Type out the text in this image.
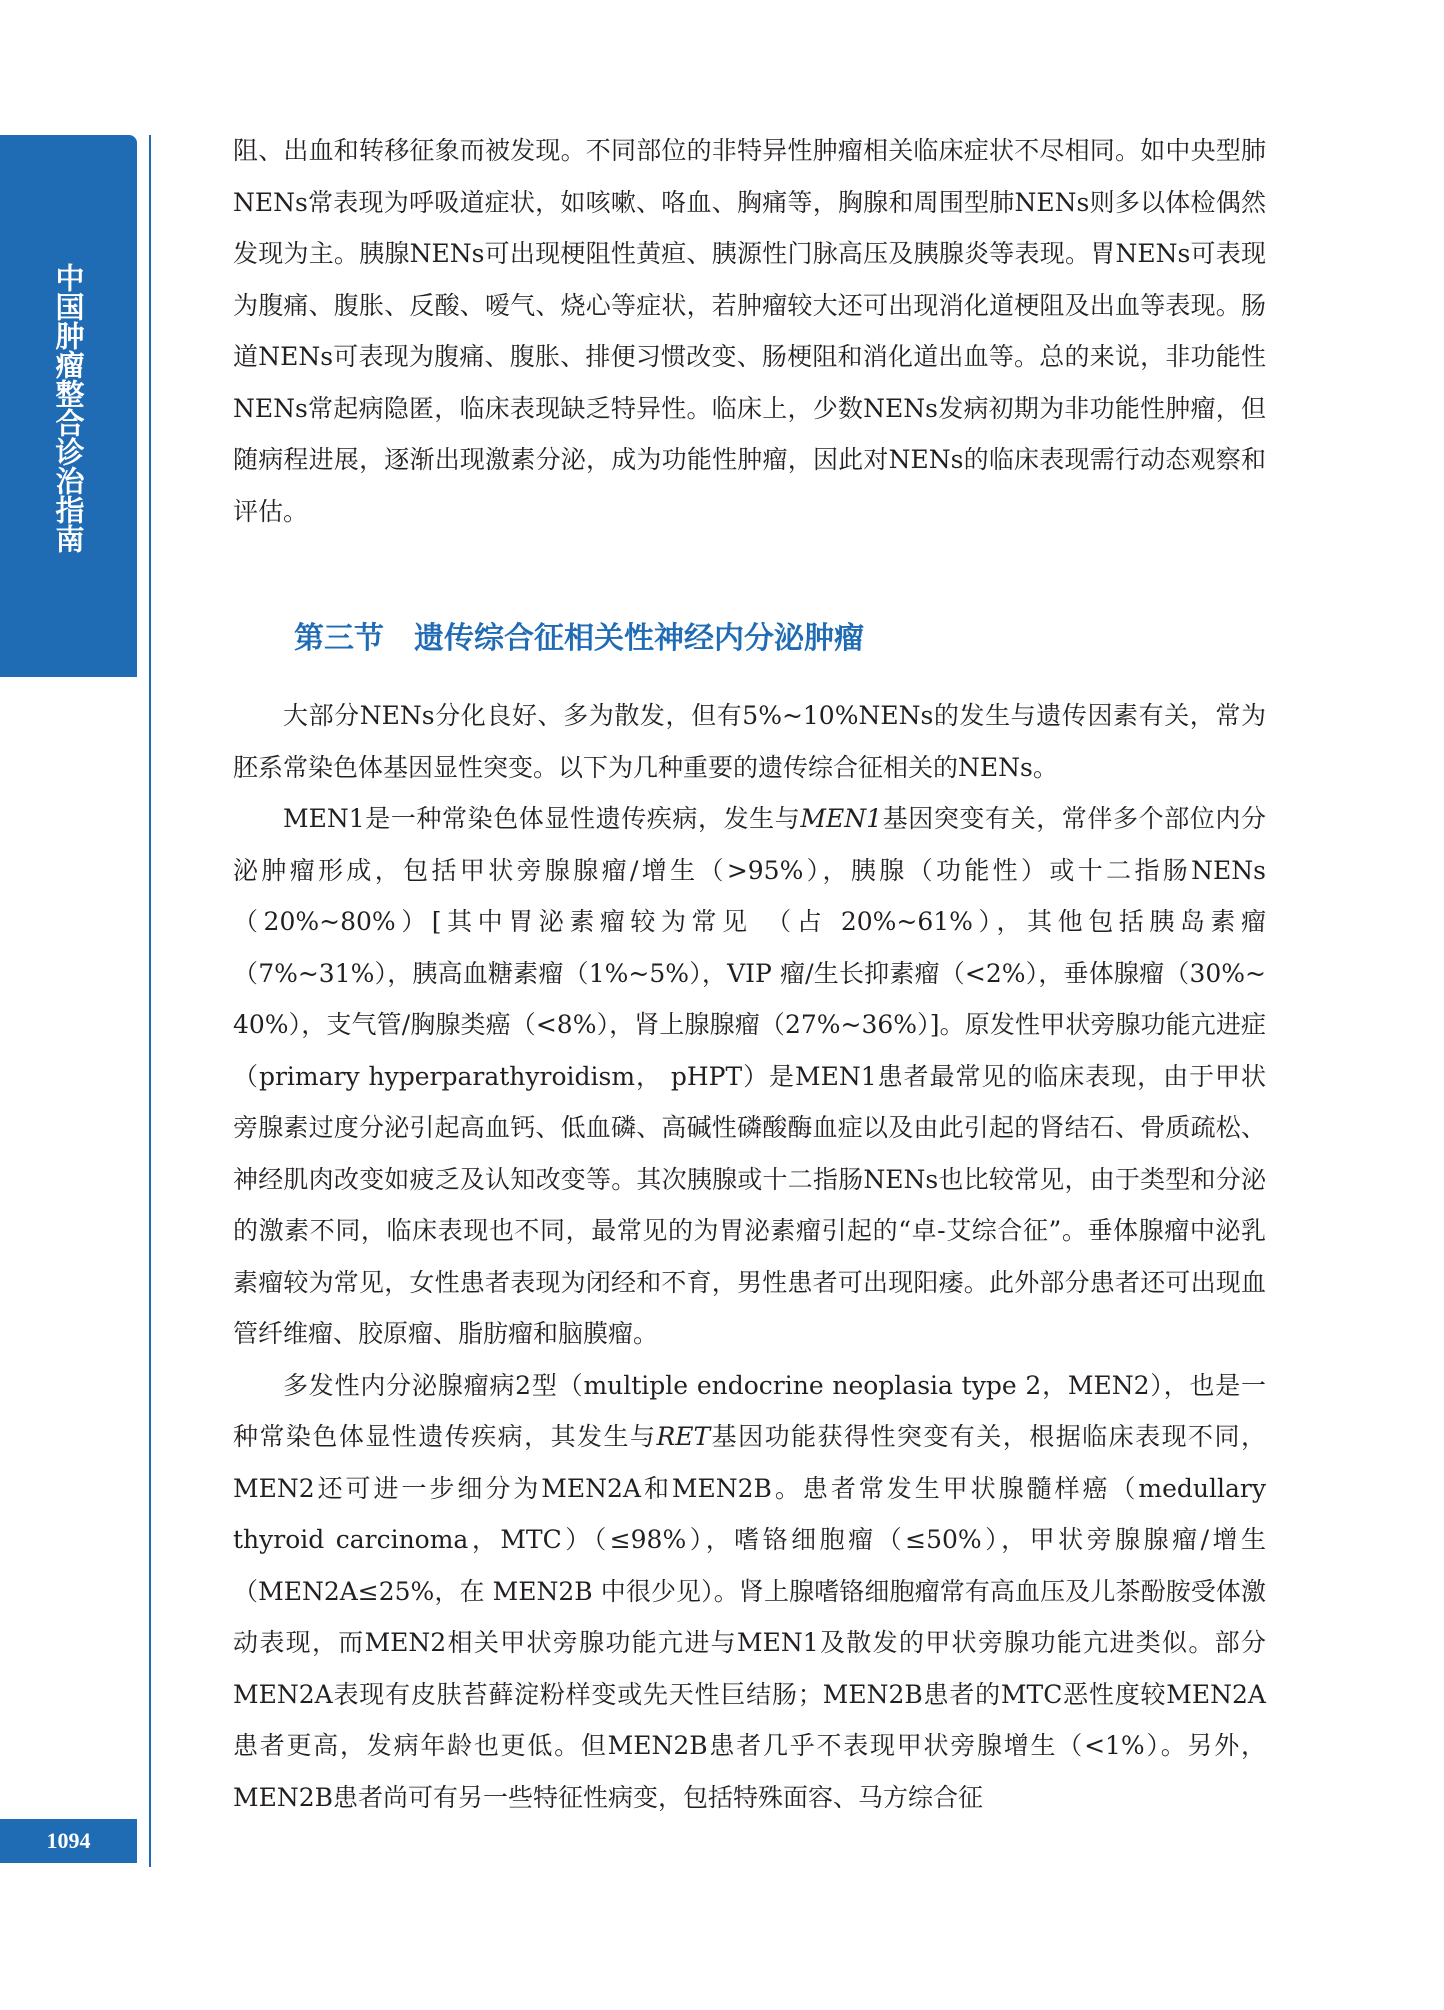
中国肿瘤整合诊治指南
1094

阻、出血和转移征象而被发现。不同部位的非特异性肿瘤相关临床症状不尽相同。如中央型肺NENs常表现为呼吸道症状，如咳嗽、咯血、胸痛等，胸腺和周围型肺NENs则多以体检偶然发现为主。胰腺NENs可出现梗阻性黄疸、胰源性门脉高压及胰腺炎等表现。胃NENs可表现为腹痛、腹胀、反酸、嗳气、烧心等症状，若肿瘤较大还可出现消化道梗阻及出血等表现。肠道NENs可表现为腹痛、腹胀、排便习惯改变、肠梗阻和消化道出血等。总的来说，非功能性NENs常起病隐匿，临床表现缺乏特异性。临床上，少数NENs发病初期为非功能性肿瘤，但随病程进展，逐渐出现激素分泌，成为功能性肿瘤，因此对NENs的临床表现需行动态观察和评估。

第三节 遗传综合征相关性神经内分泌肿瘤

大部分NENs分化良好、多为散发，但有5%~10%NENs的发生与遗传因素有关，常为胚系常染色体基因显性突变。以下为几种重要的遗传综合征相关的NENs。

MEN1是一种常染色体显性遗传疾病，发生与MEN1基因突变有关，常伴多个部位内分泌肿瘤形成，包括甲状旁腺腺瘤/增生（>95%），胰腺（功能性）或十二指肠NENs（20%~80%）[其中胃泌素瘤较为常见 （占 20%~61%），其他包括胰岛素瘤（7%~31%），胰高血糖素瘤（1%~5%），VIP 瘤/生长抑素瘤（<2%），垂体腺瘤（30%~ 40%），支气管/胸腺类癌（<8%），肾上腺腺瘤（27%~36%）]。原发性甲状旁腺功能亢进症（primary hyperparathyroidism， pHPT）是MEN1患者最常见的临床表现，由于甲状旁腺素过度分泌引起高血钙、低血磷、高碱性磷酸酶血症以及由此引起的肾结石、骨质疏松、神经肌肉改变如疲乏及认知改变等。其次胰腺或十二指肠NENs也比较常见，由于类型和分泌的激素不同，临床表现也不同，最常见的为胃泌素瘤引起的“卓-艾综合征”。垂体腺瘤中泌乳素瘤较为常见，女性患者表现为闭经和不育，男性患者可出现阳痿。此外部分患者还可出现血管纤维瘤、胶原瘤、脂肪瘤和脑膜瘤。

多发性内分泌腺瘤病2型（multiple endocrine neoplasia type 2，MEN2），也是一种常染色体显性遗传疾病，其发生与RET基因功能获得性突变有关，根据临床表现不同，MEN2还可进一步细分为MEN2A和MEN2B。患者常发生甲状腺髓样癌（medullary thyroid carcinoma，MTC）（≤98%），嗜铬细胞瘤（≤50%），甲状旁腺腺瘤/增生（MEN2A≤25%，在 MEN2B 中很少见）。肾上腺嗜铬细胞瘤常有高血压及儿茶酚胺受体激动表现，而MEN2相关甲状旁腺功能亢进与MEN1及散发的甲状旁腺功能亢进类似。部分MEN2A表现有皮肤苔藓淀粉样变或先天性巨结肠；MEN2B患者的MTC恶性度较MEN2A患者更高，发病年龄也更低。但MEN2B患者几乎不表现甲状旁腺增生（<1%）。另外，MEN2B患者尚可有另一些特征性病变，包括特殊面容、马方综合征
